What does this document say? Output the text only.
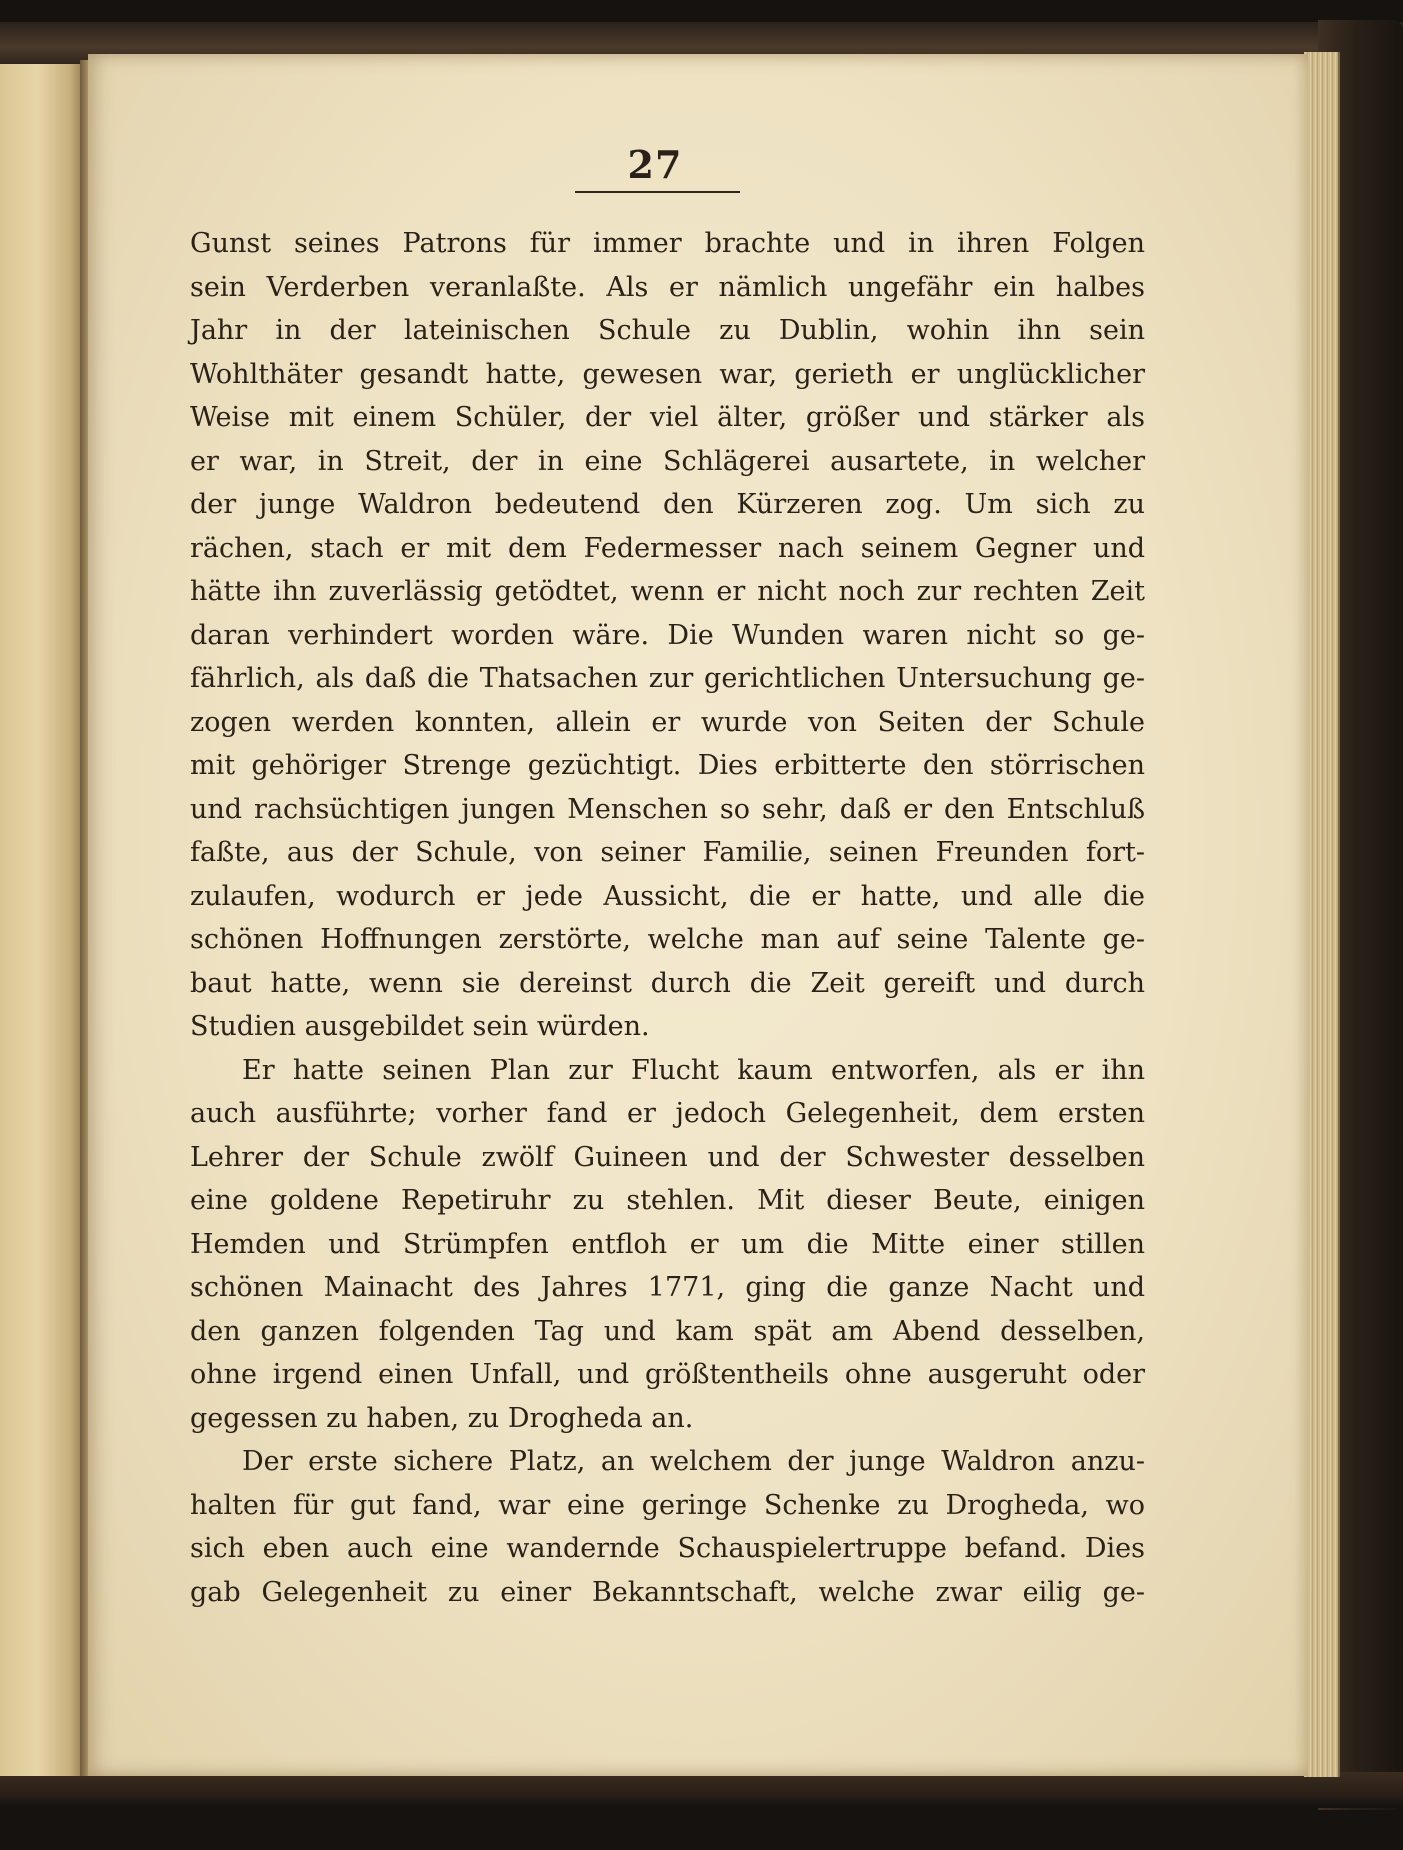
27
Gunst seines Patrons für immer brachte und in ihren Folgen
sein Verderben veranlaßte. Als er nämlich ungefähr ein halbes
Jahr in der lateinischen Schule zu Dublin, wohin ihn sein
Wohlthäter gesandt hatte, gewesen war, gerieth er unglücklicher
Weise mit einem Schüler, der viel älter, größer und stärker als
er war, in Streit, der in eine Schlägerei ausartete, in welcher
der junge Waldron bedeutend den Kürzeren zog. Um sich zu
rächen, stach er mit dem Federmesser nach seinem Gegner und
hätte ihn zuverlässig getödtet, wenn er nicht noch zur rechten Zeit
daran verhindert worden wäre. Die Wunden waren nicht so ge-
fährlich, als daß die Thatsachen zur gerichtlichen Untersuchung ge-
zogen werden konnten, allein er wurde von Seiten der Schule
mit gehöriger Strenge gezüchtigt. Dies erbitterte den störrischen
und rachsüchtigen jungen Menschen so sehr, daß er den Entschluß
faßte, aus der Schule, von seiner Familie, seinen Freunden fort-
zulaufen, wodurch er jede Aussicht, die er hatte, und alle die
schönen Hoffnungen zerstörte, welche man auf seine Talente ge-
baut hatte, wenn sie dereinst durch die Zeit gereift und durch
Studien ausgebildet sein würden.
Er hatte seinen Plan zur Flucht kaum entworfen, als er ihn
auch ausführte; vorher fand er jedoch Gelegenheit, dem ersten
Lehrer der Schule zwölf Guineen und der Schwester desselben
eine goldene Repetiruhr zu stehlen. Mit dieser Beute, einigen
Hemden und Strümpfen entfloh er um die Mitte einer stillen
schönen Mainacht des Jahres 1771, ging die ganze Nacht und
den ganzen folgenden Tag und kam spät am Abend desselben,
ohne irgend einen Unfall, und größtentheils ohne ausgeruht oder
gegessen zu haben, zu Drogheda an.
Der erste sichere Platz, an welchem der junge Waldron anzu-
halten für gut fand, war eine geringe Schenke zu Drogheda, wo
sich eben auch eine wandernde Schauspielertruppe befand. Dies
gab Gelegenheit zu einer Bekanntschaft, welche zwar eilig ge-
